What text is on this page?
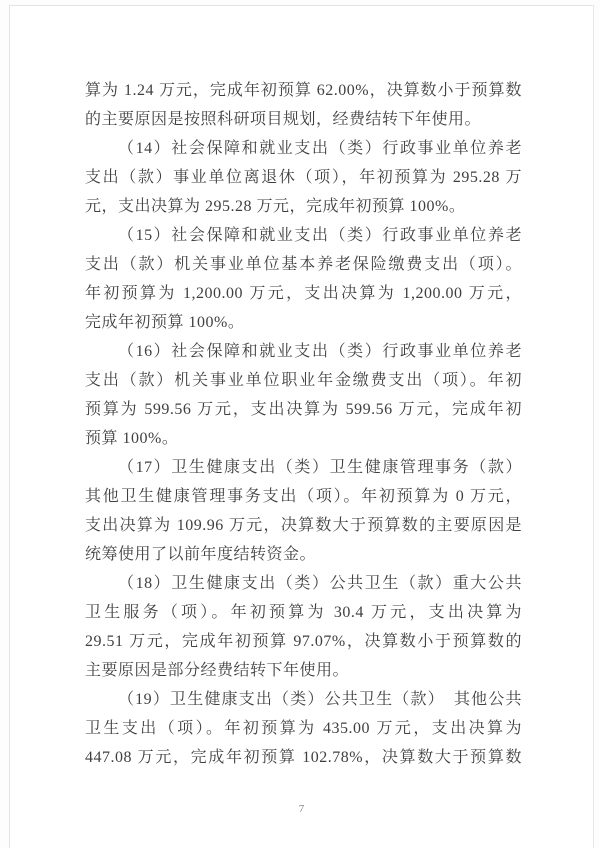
算为 1.24 万元，完成年初预算 62.00%，决算数小于预算数
的主要原因是按照科研项目规划，经费结转下年使用。
（14）社会保障和就业支出（类）行政事业单位养老
支出（款）事业单位离退休（项），年初预算为 295.28 万
元，支出决算为 295.28 万元，完成年初预算 100%。
（15）社会保障和就业支出（类）行政事业单位养老
支出（款）机关事业单位基本养老保险缴费支出（项）。
年初预算为 1,200.00 万元，支出决算为 1,200.00 万元，
完成年初预算 100%。
（16）社会保障和就业支出（类）行政事业单位养老
支出（款）机关事业单位职业年金缴费支出（项）。年初
预算为 599.56 万元，支出决算为 599.56 万元，完成年初
预算 100%。
（17）卫生健康支出（类）卫生健康管理事务（款）
其他卫生健康管理事务支出（项）。年初预算为 0 万元，
支出决算为 109.96 万元，决算数大于预算数的主要原因是
统筹使用了以前年度结转资金。
（18）卫生健康支出（类）公共卫生（款）重大公共
卫生服务（项）。年初预算为 30.4 万元，支出决算为
29.51 万元，完成年初预算 97.07%，决算数小于预算数的
主要原因是部分经费结转下年使用。
（19）卫生健康支出（类）公共卫生（款）　其他公共
卫生支出（项）。年初预算为 435.00 万元，支出决算为
447.08 万元，完成年初预算 102.78%，决算数大于预算数
7
